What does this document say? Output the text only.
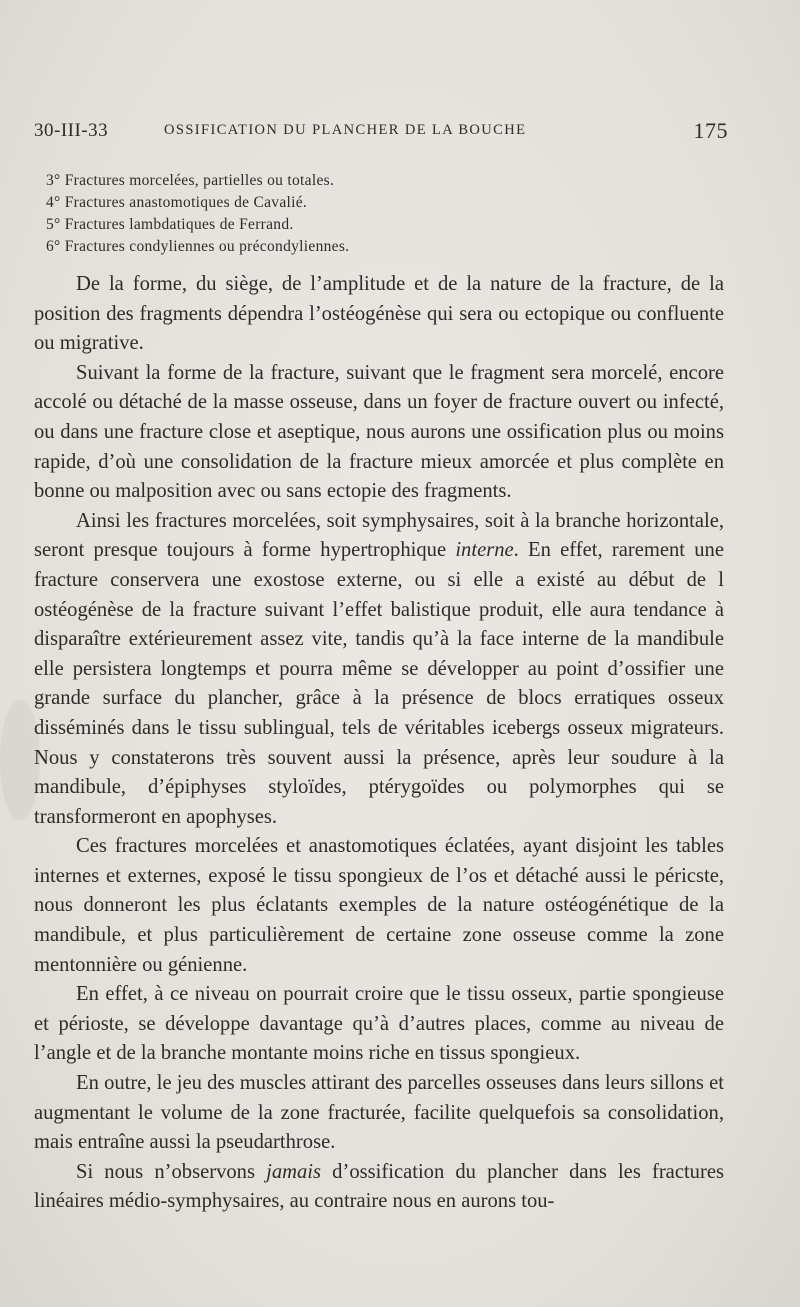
30-III-33	OSSIFICATION DU PLANCHER DE LA BOUCHE	175
3° Fractures morcelées, partielles ou totales.
4° Fractures anastomotiques de Cavalié.
5° Fractures lambdatiques de Ferrand.
6° Fractures condyliennes ou précondyliennes.

De la forme, du siège, de l’amplitude et de la nature de la fracture, de la position des fragments dépendra l’ostéogénèse qui sera ou ectopique ou confluente ou migrative.

Suivant la forme de la fracture, suivant que le fragment sera morcelé, encore accolé ou détaché de la masse osseuse, dans un foyer de fracture ouvert ou infecté, ou dans une fracture close et aseptique, nous aurons une ossification plus ou moins rapide, d’où une consolidation de la fracture mieux amorcée et plus complète en bonne ou malposition avec ou sans ectopie des fragments.

Ainsi les fractures morcelées, soit symphysaires, soit à la branche horizontale, seront presque toujours à forme hypertrophique interne. En effet, rarement une fracture conservera une exostose externe, ou si elle a existé au début de l ostéogénèse de la fracture suivant l’effet balistique produit, elle aura tendance à disparaître extérieurement assez vite, tandis qu’à la face interne de la mandibule elle persistera longtemps et pourra même se développer au point d’ossifier une grande surface du plancher, grâce à la présence de blocs erratiques osseux disséminés dans le tissu sublingual, tels de véritables icebergs osseux migrateurs. Nous y constaterons très souvent aussi la présence, après leur soudure à la mandibule, d’épiphyses styloïdes, ptérygoïdes ou polymorphes qui se transformeront en apophyses.

Ces fractures morcelées et anastomotiques éclatées, ayant disjoint les tables internes et externes, exposé le tissu spongieux de l’os et détaché aussi le péricste, nous donneront les plus éclatants exemples de la nature ostéogénétique de la mandibule, et plus particulièrement de certaine zone osseuse comme la zone mentonnière ou génienne.

En effet, à ce niveau on pourrait croire que le tissu osseux, partie spongieuse et périoste, se développe davantage qu’à d’autres places, comme au niveau de l’angle et de la branche montante moins riche en tissus spongieux.

En outre, le jeu des muscles attirant des parcelles osseuses dans leurs sillons et augmentant le volume de la zone fracturée, facilite quelquefois sa consolidation, mais entraîne aussi la pseudarthrose.

Si nous n’observons jamais d’ossification du plancher dans les fractures linéaires médio-symphysaires, au contraire nous en aurons tou-
